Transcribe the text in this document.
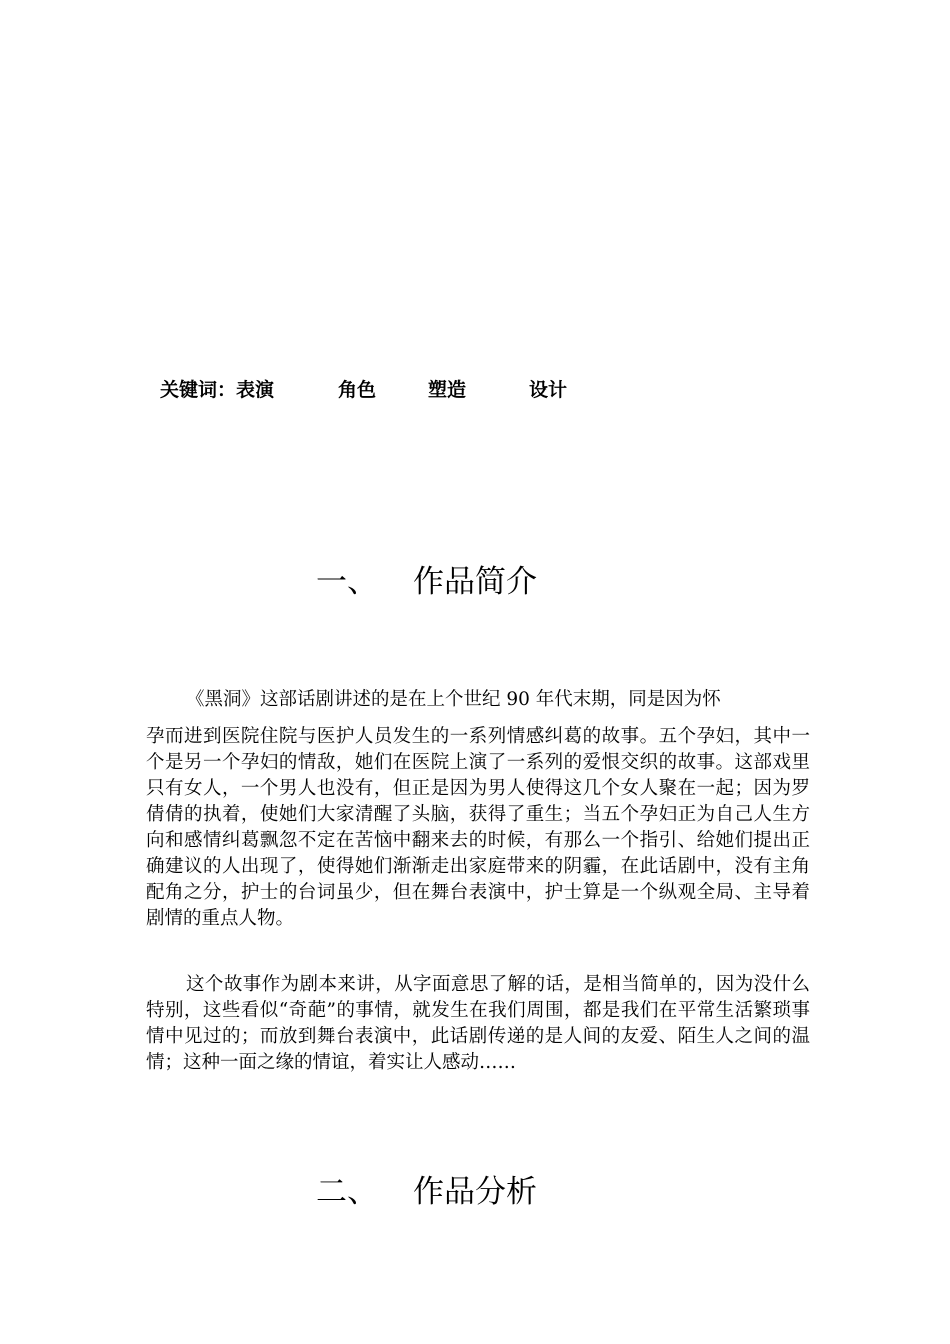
关键词：表演	角色	塑造	设计
一、 作品简介
《黑洞》这部话剧讲述的是在上个世纪 90 年代末期，同是因为怀
孕而进到医院住院与医护人员发生的一系列情感纠葛的故事。五个孕妇，其中一个是另一个孕妇的情敌，她们在医院上演了一系列的爱恨交织的故事。这部戏里只有女人，一个男人也没有，但正是因为男人使得这几个女人聚在一起；因为罗倩倩的执着，使她们大家清醒了头脑，获得了重生；当五个孕妇正为自己人生方向和感情纠葛飘忽不定在苦恼中翻来去的时候，有那么一个指引、给她们提出正确建议的人出现了，使得她们渐渐走出家庭带来的阴霾，在此话剧中，没有主角配角之分，护士的台词虽少，但在舞台表演中，护士算是一个纵观全局、主导着剧情的重点人物。
这个故事作为剧本来讲，从字面意思了解的话，是相当简单的，因为没什么特别，这些看似“奇葩”的事情，就发生在我们周围，都是我们在平常生活繁琐事情中见过的；而放到舞台表演中，此话剧传递的是人间的友爱、陌生人之间的温情；这种一面之缘的情谊，着实让人感动……
二、 作品分析
